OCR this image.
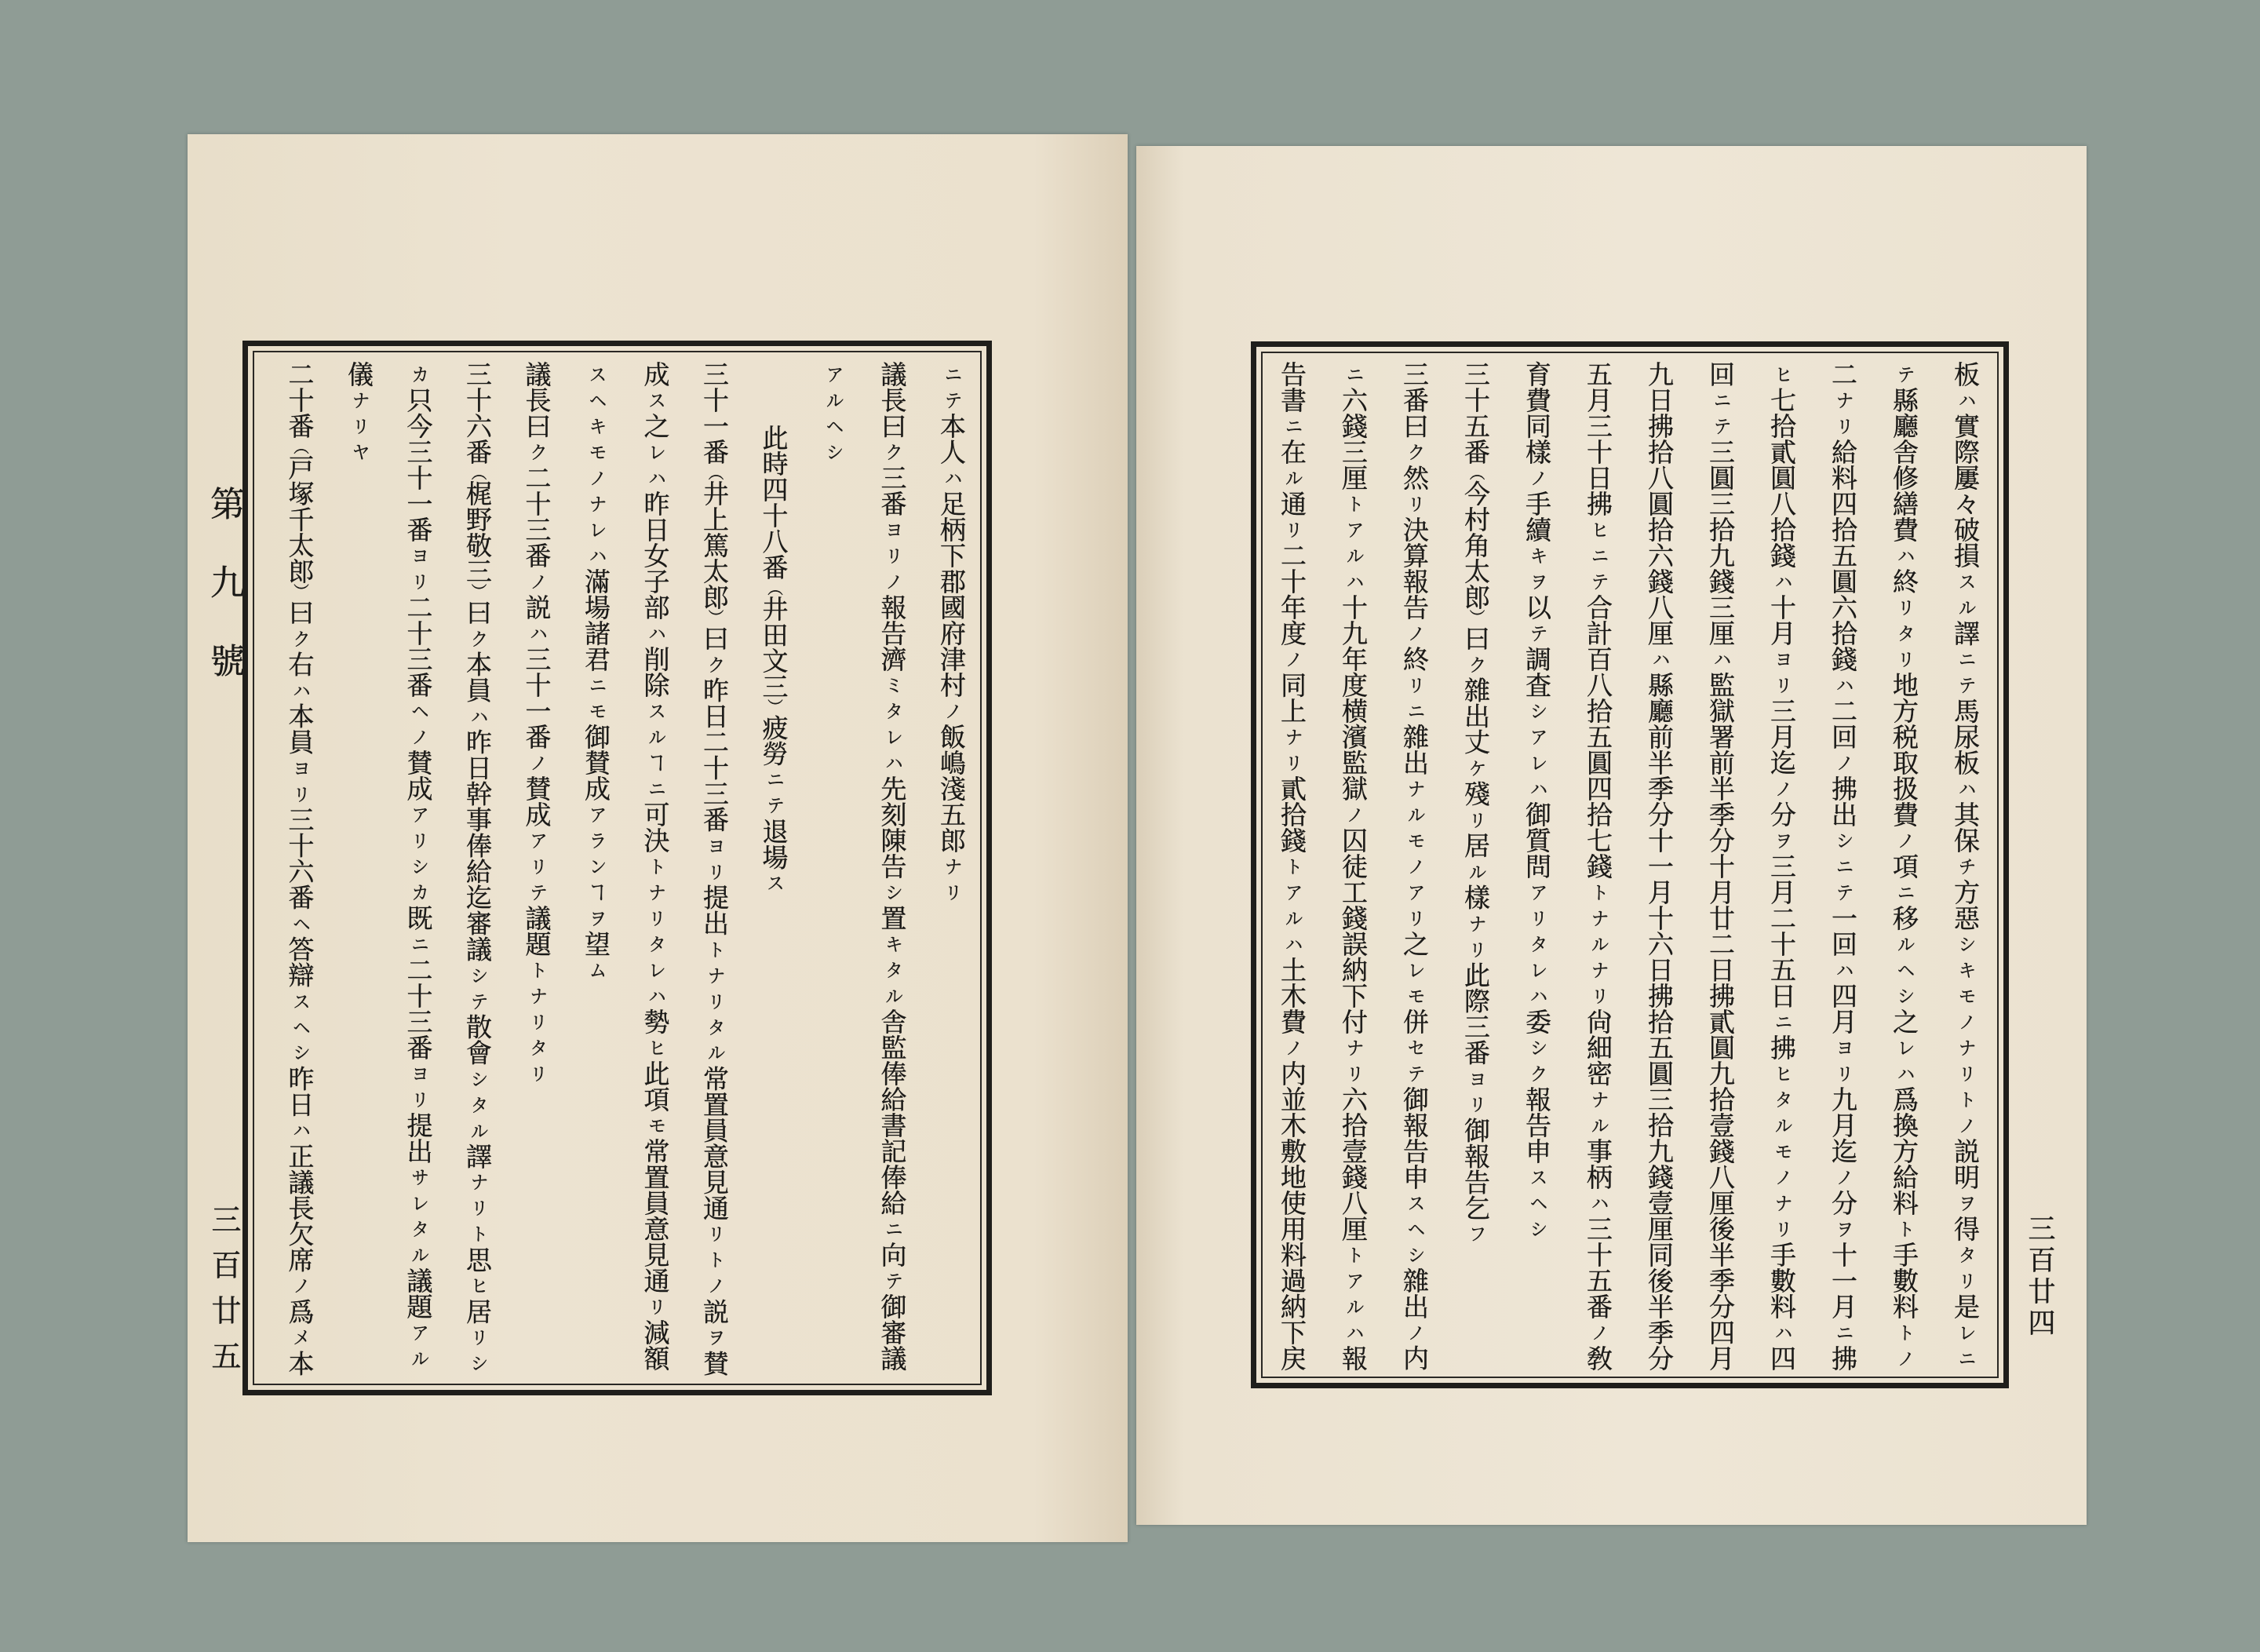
第九號
ニテ本人ハ足柄下郡國府津村ノ飯嶋淺五郎ナリ
議長曰ク三番ヨリノ報告濟ミタレハ先刻陳告シ置キタル舎監俸給書記俸給ニ向テ御審議
アルヘシ
此時四十八番（井田文三）疲勞ニテ退場ス
三十一番（井上篤太郎）曰ク昨日二十三番ヨリ提出トナリタル常置員意見通リトノ説ヲ賛
成ス之レハ昨日女子部ハ削除スルヿニ可決トナリタレハ勢ヒ此項モ常置員意見通リ減額
スヘキモノナレハ滿場諸君ニモ御賛成アランヿヲ望ム
議長曰ク二十三番ノ説ハ三十一番ノ賛成アリテ議題トナリタリ
三十六番（梶野敬三）曰ク本員ハ昨日幹事俸給迄審議シテ散會シタル譯ナリト思ヒ居リシ
カ只今三十一番ヨリ二十三番ヘノ賛成アリシカ既ニ二十三番ヨリ提出サレタル議題アル
儀ナリヤ
二十番（戸塚千太郎）曰ク右ハ本員ヨリ三十六番ヘ答辯スヘシ昨日ハ正議長欠席ノ爲メ本
三百廿五
板ハ實際屢々破損スル譯ニテ馬尿板ハ其保チ方惡シキモノナリトノ説明ヲ得タリ是レニ
テ縣廳舎修繕費ハ終リタリ地方税取扱費ノ項ニ移ルヘシ之レハ爲換方給料ト手數料トノ
二ナリ給料四拾五圓六拾錢ハ二回ノ拂出シニテ一回ハ四月ヨリ九月迄ノ分ヲ十一月ニ拂
ヒ七拾貳圓八拾錢ハ十月ヨリ三月迄ノ分ヲ三月二十五日ニ拂ヒタルモノナリ手數料ハ四
回ニテ三圓三拾九錢三厘ハ監獄署前半季分十月廿二日拂貳圓九拾壹錢八厘後半季分四月
九日拂拾八圓拾六錢八厘ハ縣廳前半季分十一月十六日拂拾五圓三拾九錢壹厘同後半季分
五月三十日拂ヒニテ合計百八拾五圓四拾七錢トナルナリ尙細密ナル事柄ハ三十五番ノ敎
育費同樣ノ手續キヲ以テ調査シアレハ御質問アリタレハ委シク報告申スヘシ
三十五番（今村角太郎）曰ク雜出丈ケ殘リ居ル樣ナリ此際三番ヨリ御報告乞フ
三番曰ク然リ決算報告ノ終リニ雜出ナルモノアリ之レモ併セテ御報告申スヘシ雜出ノ内
ニ六錢三厘トアルハ十九年度横濱監獄ノ囚徒工錢誤納下付ナリ六拾壹錢八厘トアルハ報
告書ニ在ル通リ二十年度ノ同上ナリ貳拾錢トアルハ土木費ノ内並木敷地使用料過納下戻
三百廿四
